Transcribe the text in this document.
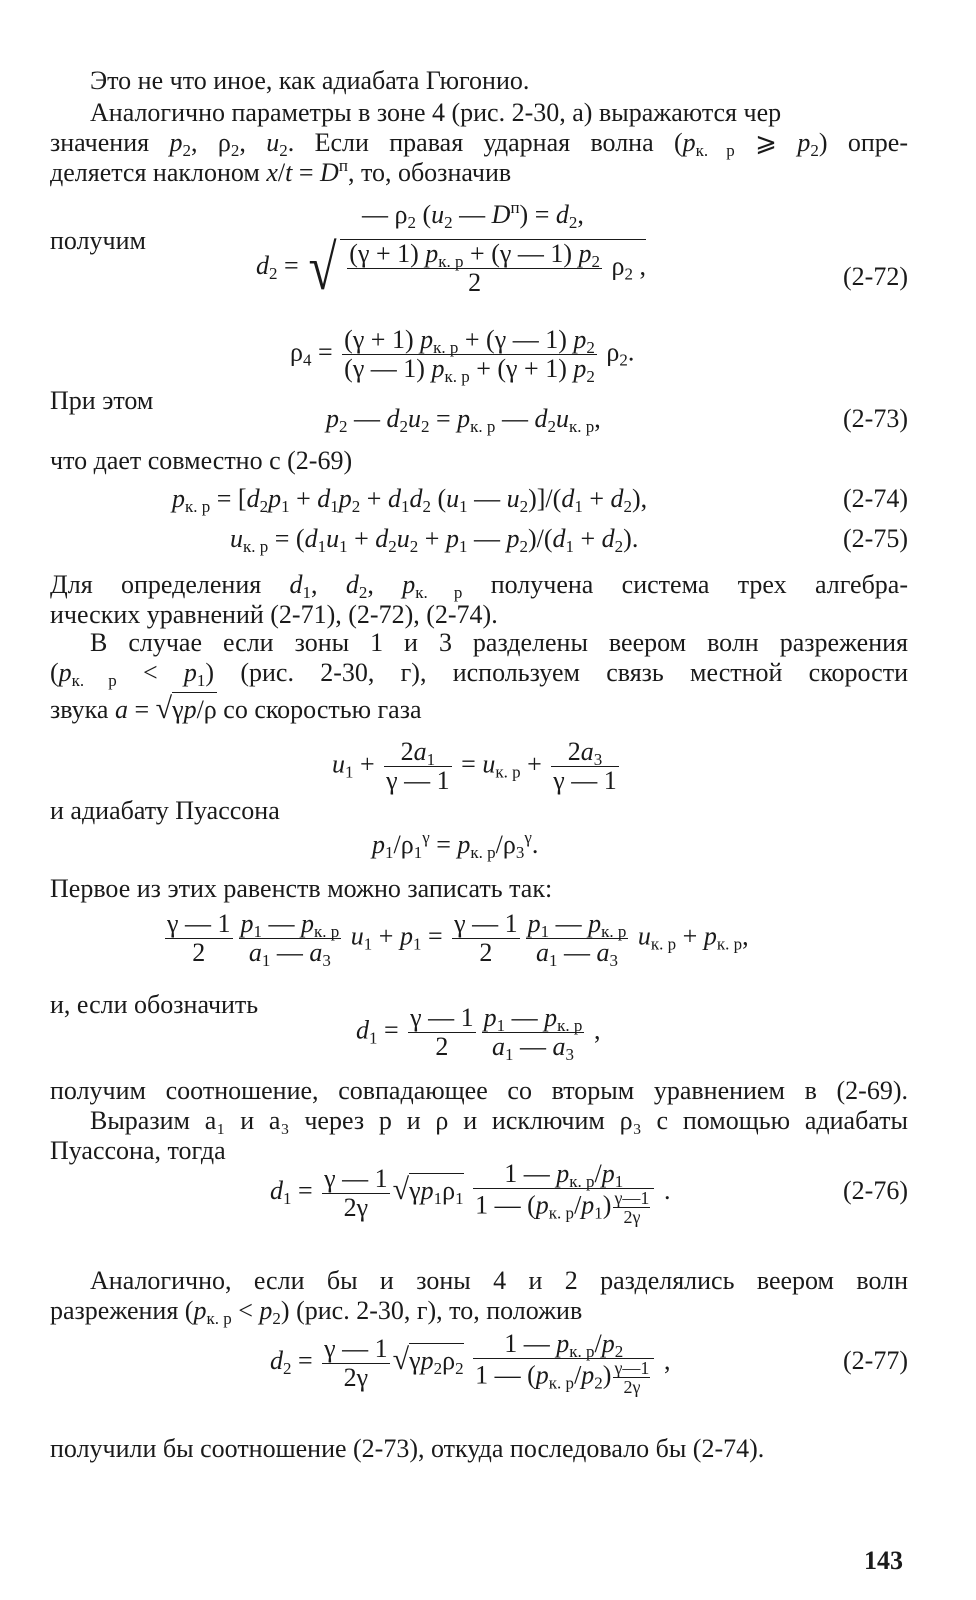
Это не что иное, как адиабата Гюгонио.
Аналогично параметры в зоне 4 (рис. 2-30, а) выражаются чер
значения $p_2$, $\rho_2$, $u_2$. Если правая ударная волна ($p_{к. р}$ ⩾ $p_2$) опре-
деляется наклоном $x/t = D^п$, то, обозначив
— $\rho_2$ ($u_2$ — $D^п) = d_2$,
получим
$d_2$ = √ $\frac{(\gamma + 1) p_{к. р} + (\gamma — 1) p_2}{2} \rho_2$ ,	(2-72)
$\rho_4 = \frac{(\gamma + 1) p_{к. р} + (\gamma — 1) p_2}{(\gamma — 1) p_{к. р} + (\gamma + 1) p_2} \rho_2$.
При этом
$p_2$ — $d_2u_2 = p_{к. р}$ — $d_2u_{к. р}$,	(2-73)
что дает совместно с (2-69)
$p_{к. р} = [d_2p_1 + d_1p_2 + d_1d_2$ ($u_1$ — $u_2)]/(d_1 + d_2)$,	(2-74)
$u_{к. р} = (d_1u_1 + d_2u_2 + p_1$ — $p_2)/(d_1 + d_2)$.	(2-75)
Для определения $d_1$, $d_2$, $p_{к. р}$ получена система трех алгебра-
ических уравнений (2-71), (2-72), (2-74).
В случае если зоны 1 и 3 разделены веером волн разрежения
$(p_{к. р} < p_1)$ (рис. 2-30, г), используем связь местной скорости
звука a = √γp/ρ со скоростью газа
$u_1 + \frac{2a_1}{\gamma — 1} = u_{к. р} + \frac{2a_3}{\gamma — 1}$
и адиабату Пуассона
$p_1/\rho_1^\gamma = p_{к. р}/\rho_3^\gamma$.
Первое из этих равенств можно записать так:
$\frac{\gamma — 1}{2} \frac{p_1 — p_{к. р}}{a_1 — a_3} u_1 + p_1 = \frac{\gamma — 1}{2} \frac{p_1 — p_{к. р}}{a_1 — a_3} u_{к. р} + p_{к. р}$,
и, если обозначить
$d_1 = \frac{\gamma — 1}{2} \frac{p_1 — p_{к. р}}{a_1 — a_3}$ ,
получим соотношение, совпадающее со вторым уравнением в (2-69).
Выразим a₁ и a₃ через p и ρ и исключим ρ₃ с помощью адиабаты
Пуассона, тогда
$d_1 = \frac{\gamma — 1}{2\gamma} √\gamma p_1\rho_1 \frac{1 — p_{к. р}/p_1}{1 — (p_{к. р}/p_1) \frac{\gamma—1}{2\gamma}}$ .	(2-76)
Аналогично, если бы и зоны 4 и 2 разделялись веером волн
разрежения $(p_{к. р} < p_2)$ (рис. 2-30, г), то, положив
$d_2 = \frac{\gamma — 1}{2\gamma} √\gamma p_2\rho_2 \frac{1 — p_{к. р}/p_2}{1 — (p_{к. р}/p_2) \frac{\gamma—1}{2\gamma}}$ ,	(2-77)
получили бы соотношение (2-73), откуда последовало бы (2-74).
143
